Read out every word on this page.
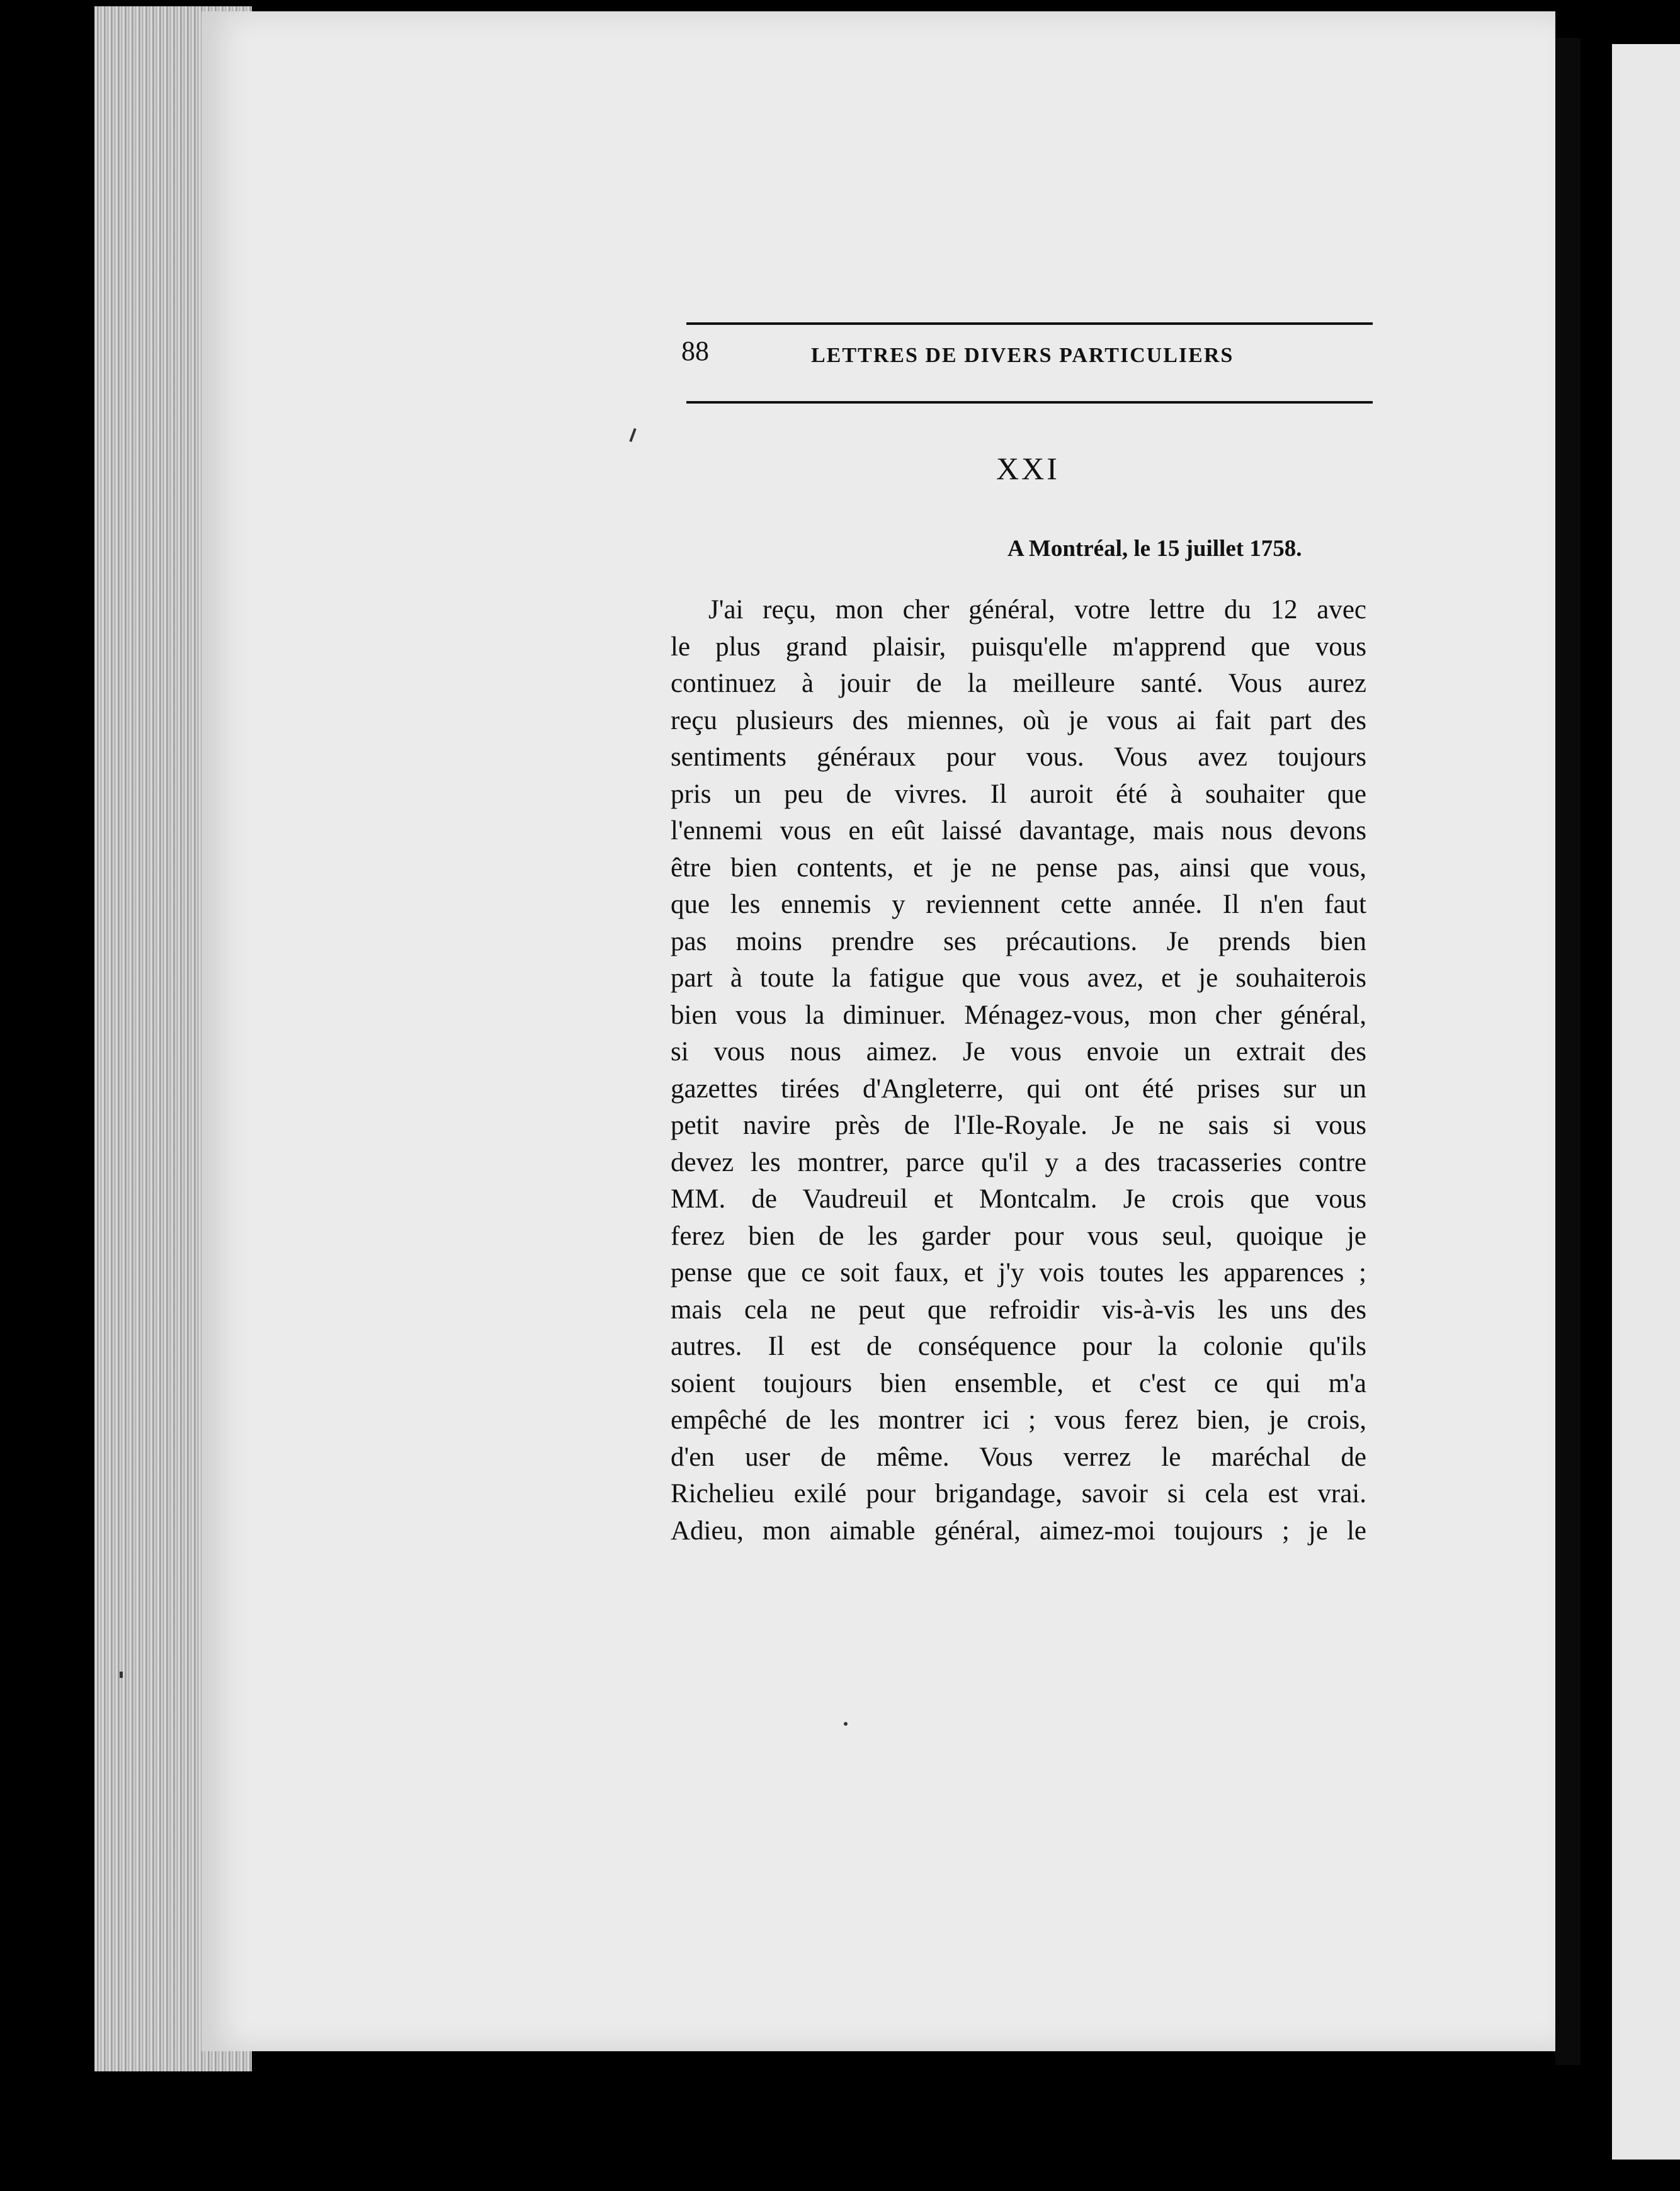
88	LETTRES DE DIVERS PARTICULIERS
XXI
A Montréal, le 15 juillet 1758.
J'ai reçu, mon cher général, votre lettre du 12 avec
le plus grand plaisir, puisqu'elle m'apprend que vous
continuez à jouir de la meilleure santé. Vous aurez
reçu plusieurs des miennes, où je vous ai fait part des
sentiments généraux pour vous. Vous avez toujours
pris un peu de vivres. Il auroit été à souhaiter que
l'ennemi vous en eût laissé davantage, mais nous devons
être bien contents, et je ne pense pas, ainsi que vous,
que les ennemis y reviennent cette année. Il n'en faut
pas moins prendre ses précautions. Je prends bien
part à toute la fatigue que vous avez, et je souhaiterois
bien vous la diminuer. Ménagez-vous, mon cher général,
si vous nous aimez. Je vous envoie un extrait des
gazettes tirées d'Angleterre, qui ont été prises sur un
petit navire près de l'Ile-Royale. Je ne sais si vous
devez les montrer, parce qu'il y a des tracasseries contre
MM. de Vaudreuil et Montcalm. Je crois que vous
ferez bien de les garder pour vous seul, quoique je
pense que ce soit faux, et j'y vois toutes les apparences ;
mais cela ne peut que refroidir vis-à-vis les uns des
autres. Il est de conséquence pour la colonie qu'ils
soient toujours bien ensemble, et c'est ce qui m'a
empêché de les montrer ici ; vous ferez bien, je crois,
d'en user de même. Vous verrez le maréchal de
Richelieu exilé pour brigandage, savoir si cela est vrai.
Adieu, mon aimable général, aimez-moi toujours ; je le
